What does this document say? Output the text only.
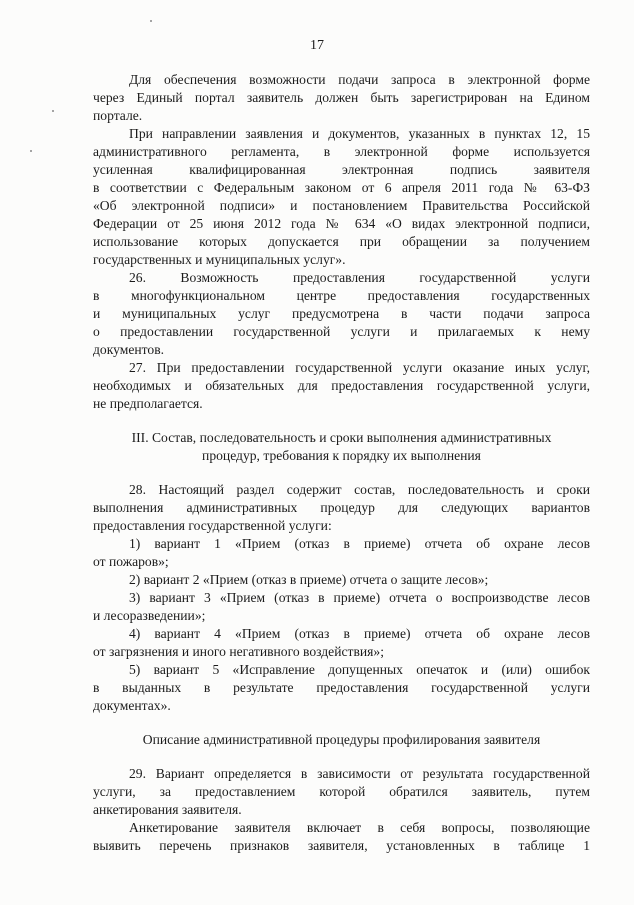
17

Для обеспечения возможности подачи запроса в электронной форме

через Единый портал заявитель должен быть зарегистрирован на Едином

портале.

При направлении заявления и документов, указанных в пунктах 12, 15

административного регламента, в электронной форме используется

усиленная квалифицированная электронная подпись заявителя

в соответствии с Федеральным законом от 6 апреля 2011 года № 63-ФЗ

«Об электронной подписи» и постановлением Правительства Российской

Федерации от 25 июня 2012 года № 634 «О видах электронной подписи,

использование которых допускается при обращении за получением

государственных и муниципальных услуг».

26. Возможность предоставления государственной услуги

в многофункциональном центре предоставления государственных

и муниципальных услуг предусмотрена в части подачи запроса

о предоставлении государственной услуги и прилагаемых к нему

документов.

27. При предоставлении государственной услуги оказание иных услуг,

необходимых и обязательных для предоставления государственной услуги,

не предполагается.

III. Состав, последовательность и сроки выполнения административных

процедур, требования к порядку их выполнения

28. Настоящий раздел содержит состав, последовательность и сроки

выполнения административных процедур для следующих вариантов

предоставления государственной услуги:

1) вариант 1 «Прием (отказ в приеме) отчета об охране лесов

от пожаров»;

2) вариант 2 «Прием (отказ в приеме) отчета о защите лесов»;

3) вариант 3 «Прием (отказ в приеме) отчета о воспроизводстве лесов

и лесоразведении»;

4) вариант 4 «Прием (отказ в приеме) отчета об охране лесов

от загрязнения и иного негативного воздействия»;

5) вариант 5 «Исправление допущенных опечаток и (или) ошибок

в выданных в результате предоставления государственной услуги

документах».

Описание административной процедуры профилирования заявителя

29. Вариант определяется в зависимости от результата государственной

услуги, за предоставлением которой обратился заявитель, путем

анкетирования заявителя.

Анкетирование заявителя включает в себя вопросы, позволяющие

выявить перечень признаков заявителя, установленных в таблице 1
